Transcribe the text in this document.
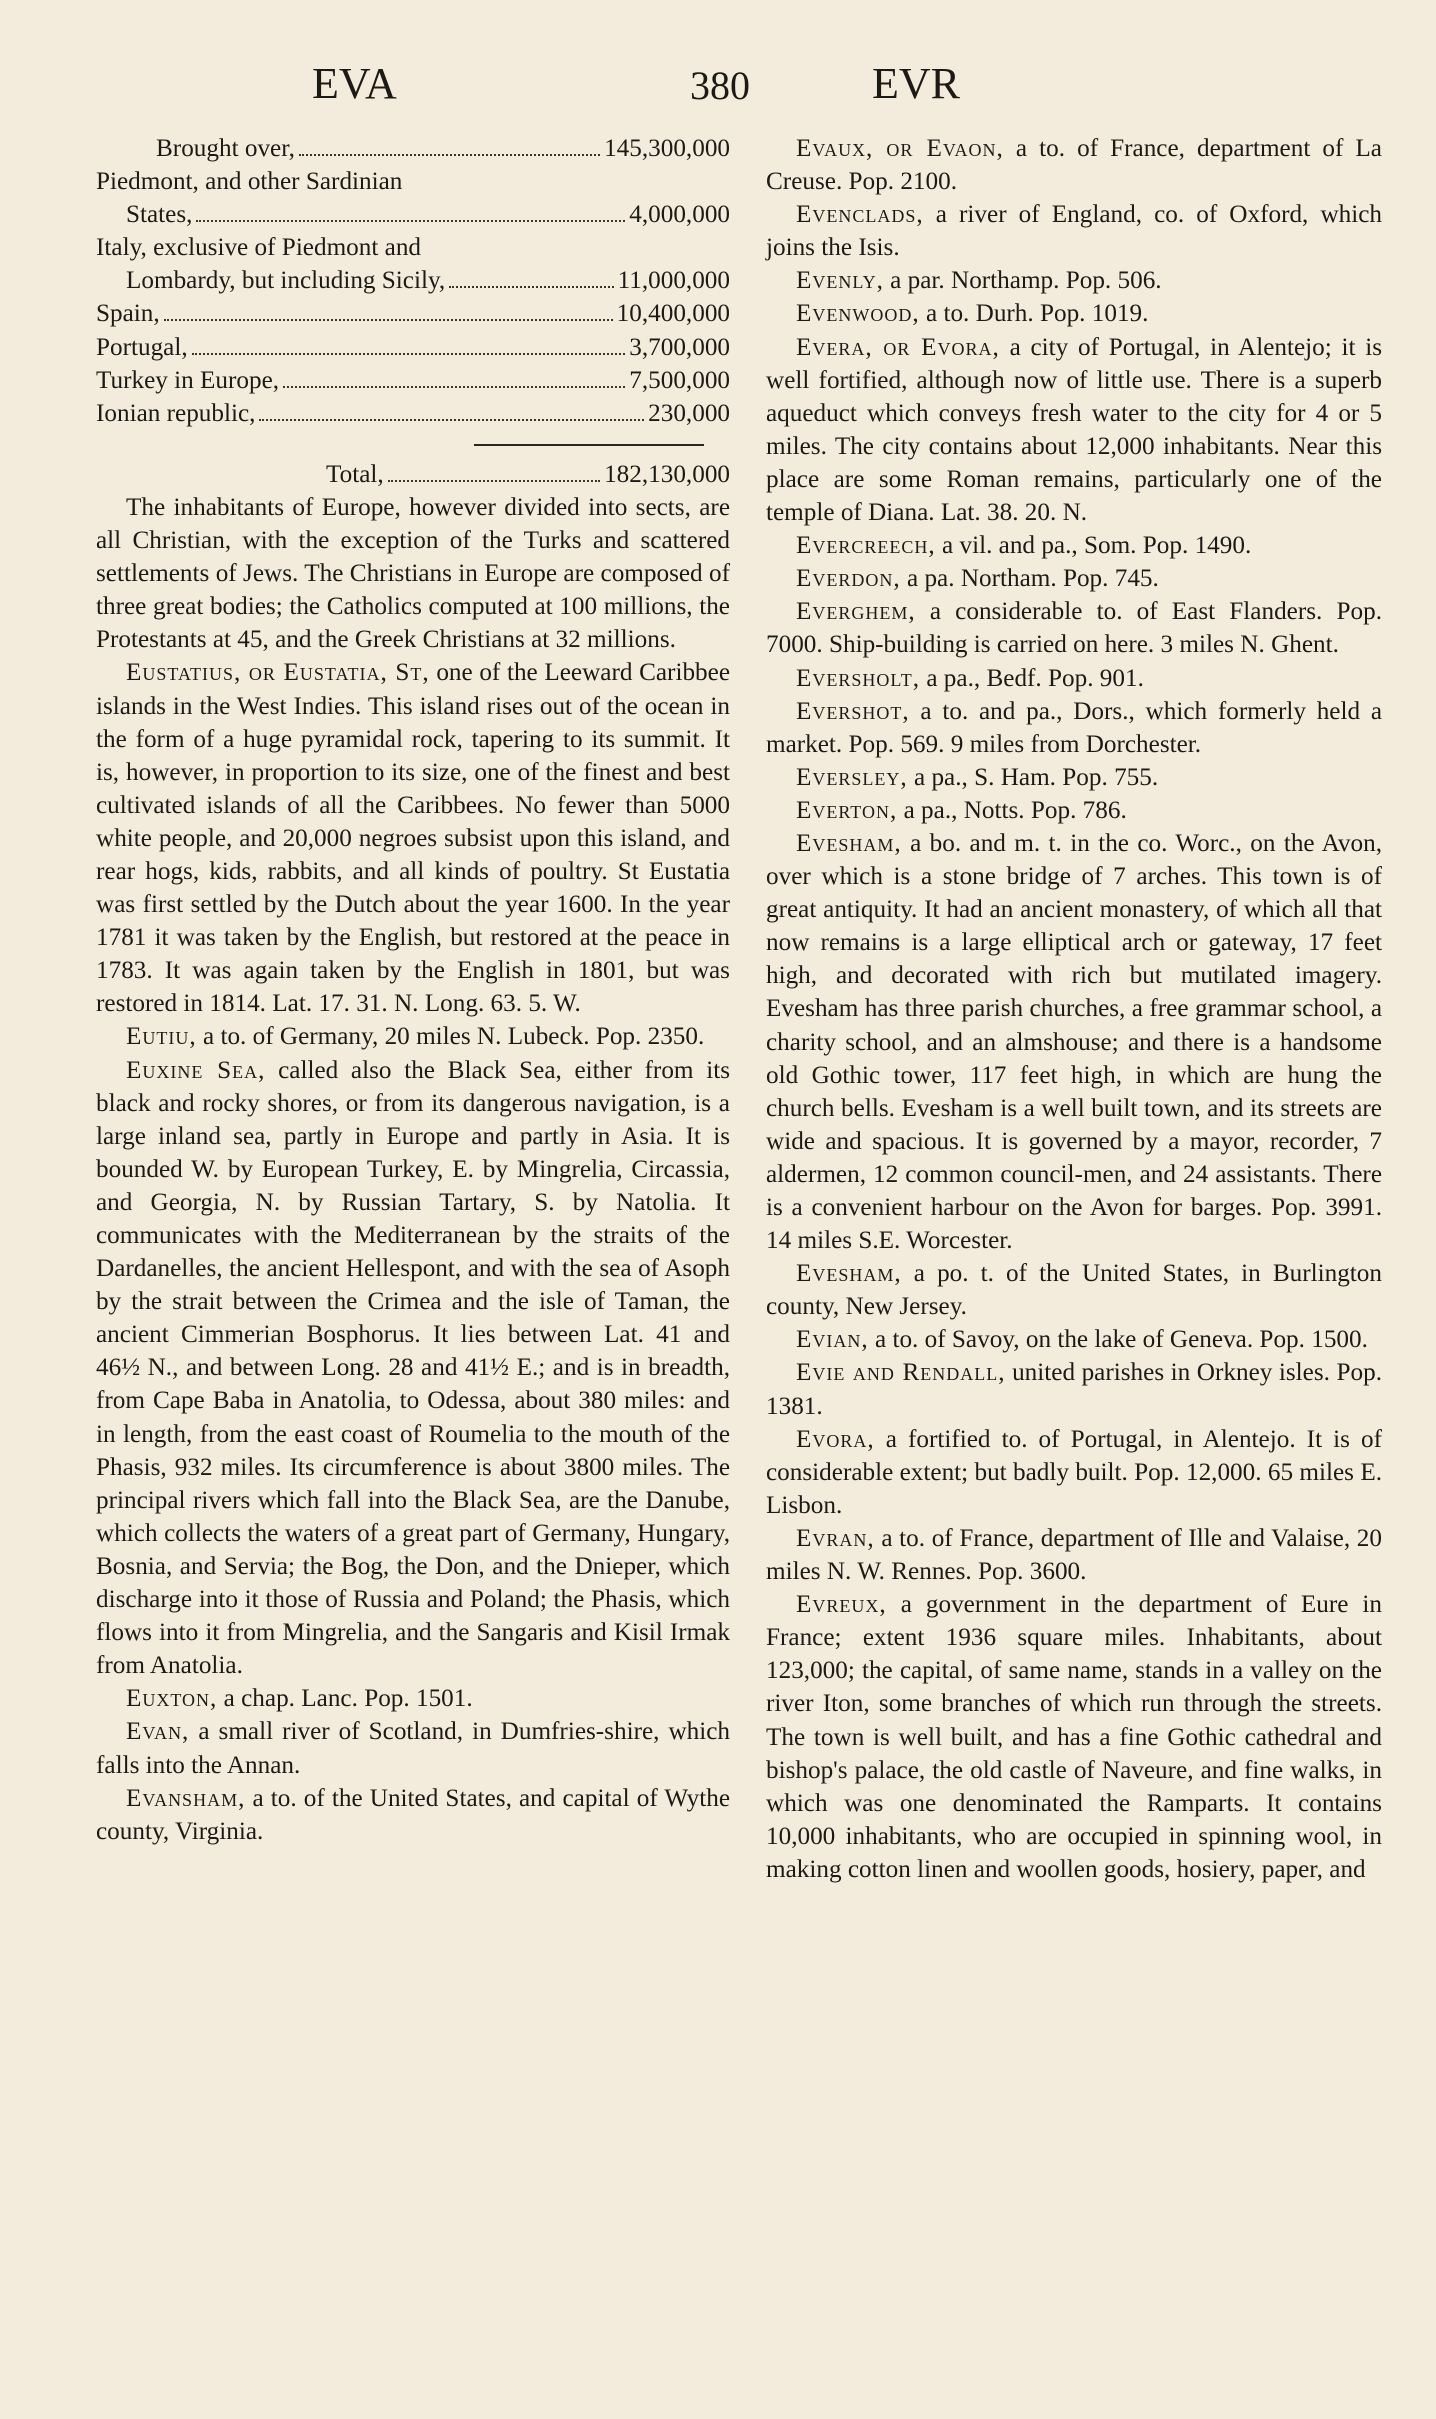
EVA	380	EVR
Brought over,	145,300,000
Piedmont, and other Sardinian
States,	4,000,000
Italy, exclusive of Piedmont and
Lombardy, but including Sicily,	11,000,000
Spain,	10,400,000
Portugal,	3,700,000
Turkey in Europe,	7,500,000
Ionian republic,	230,000
Total,	182,130,000

The inhabitants of Europe, however divided into sects, are all Christian, with the exception of the Turks and scattered settlements of Jews. The Christians in Europe are composed of three great bodies; the Catholics computed at 100 millions, the Protestants at 45, and the Greek Christians at 32 millions.

Eustatius, or Eustatia, St, one of the Leeward Caribbee islands in the West Indies. This island rises out of the ocean in the form of a huge pyramidal rock, tapering to its summit. It is, however, in proportion to its size, one of the finest and best cultivated islands of all the Caribbees. No fewer than 5000 white people, and 20,000 negroes subsist upon this island, and rear hogs, kids, rabbits, and all kinds of poultry. St Eustatia was first settled by the Dutch about the year 1600. In the year 1781 it was taken by the English, but restored at the peace in 1783. It was again taken by the English in 1801, but was restored in 1814. Lat. 17. 31. N. Long. 63. 5. W.

Eutiu, a to. of Germany, 20 miles N. Lubeck. Pop. 2350.

Euxine Sea, called also the Black Sea, either from its black and rocky shores, or from its dangerous navigation, is a large inland sea, partly in Europe and partly in Asia. It is bounded W. by European Turkey, E. by Mingrelia, Circassia, and Georgia, N. by Russian Tartary, S. by Natolia. It communicates with the Mediterranean by the straits of the Dardanelles, the ancient Hellespont, and with the sea of Asoph by the strait between the Crimea and the isle of Taman, the ancient Cimmerian Bosphorus. It lies between Lat. 41 and 46½ N., and between Long. 28 and 41½ E.; and is in breadth, from Cape Baba in Anatolia, to Odessa, about 380 miles: and in length, from the east coast of Roumelia to the mouth of the Phasis, 932 miles. Its circumference is about 3800 miles. The principal rivers which fall into the Black Sea, are the Danube, which collects the waters of a great part of Germany, Hungary, Bosnia, and Servia; the Bog, the Don, and the Dnieper, which discharge into it those of Russia and Poland; the Phasis, which flows into it from Mingrelia, and the Sangaris and Kisil Irmak from Anatolia.

Euxton, a chap. Lanc. Pop. 1501.

Evan, a small river of Scotland, in Dumfries-shire, which falls into the Annan.

Evansham, a to. of the United States, and capital of Wythe county, Virginia.

Evaux, or Evaon, a to. of France, department of La Creuse. Pop. 2100.

Evenclads, a river of England, co. of Oxford, which joins the Isis.

Evenly, a par. Northamp. Pop. 506.

Evenwood, a to. Durh. Pop. 1019.

Evera, or Evora, a city of Portugal, in Alentejo; it is well fortified, although now of little use. There is a superb aqueduct which conveys fresh water to the city for 4 or 5 miles. The city contains about 12,000 inhabitants. Near this place are some Roman remains, particularly one of the temple of Diana. Lat. 38. 20. N.

Evercreech, a vil. and pa., Som. Pop. 1490.

Everdon, a pa. Northam. Pop. 745.

Everghem, a considerable to. of East Flanders. Pop. 7000. Ship-building is carried on here. 3 miles N. Ghent.

Eversholt, a pa., Bedf. Pop. 901.

Evershot, a to. and pa., Dors., which formerly held a market. Pop. 569. 9 miles from Dorchester.

Eversley, a pa., S. Ham. Pop. 755.

Everton, a pa., Notts. Pop. 786.

Evesham, a bo. and m. t. in the co. Worc., on the Avon, over which is a stone bridge of 7 arches. This town is of great antiquity. It had an ancient monastery, of which all that now remains is a large elliptical arch or gateway, 17 feet high, and decorated with rich but mutilated imagery. Evesham has three parish churches, a free grammar school, a charity school, and an almshouse; and there is a handsome old Gothic tower, 117 feet high, in which are hung the church bells. Evesham is a well built town, and its streets are wide and spacious. It is governed by a mayor, recorder, 7 aldermen, 12 common council-men, and 24 assistants. There is a convenient harbour on the Avon for barges. Pop. 3991. 14 miles S.E. Worcester.

Evesham, a po. t. of the United States, in Burlington county, New Jersey.

Evian, a to. of Savoy, on the lake of Geneva. Pop. 1500.

Evie and Rendall, united parishes in Orkney isles. Pop. 1381.

Evora, a fortified to. of Portugal, in Alentejo. It is of considerable extent; but badly built. Pop. 12,000. 65 miles E. Lisbon.

Evran, a to. of France, department of Ille and Valaise, 20 miles N. W. Rennes. Pop. 3600.

Evreux, a government in the department of Eure in France; extent 1936 square miles. Inhabitants, about 123,000; the capital, of same name, stands in a valley on the river Iton, some branches of which run through the streets. The town is well built, and has a fine Gothic cathedral and bishop's palace, the old castle of Naveure, and fine walks, in which was one denominated the Ramparts. It contains 10,000 inhabitants, who are occupied in spinning wool, in making cotton linen and woollen goods, hosiery, paper, and
